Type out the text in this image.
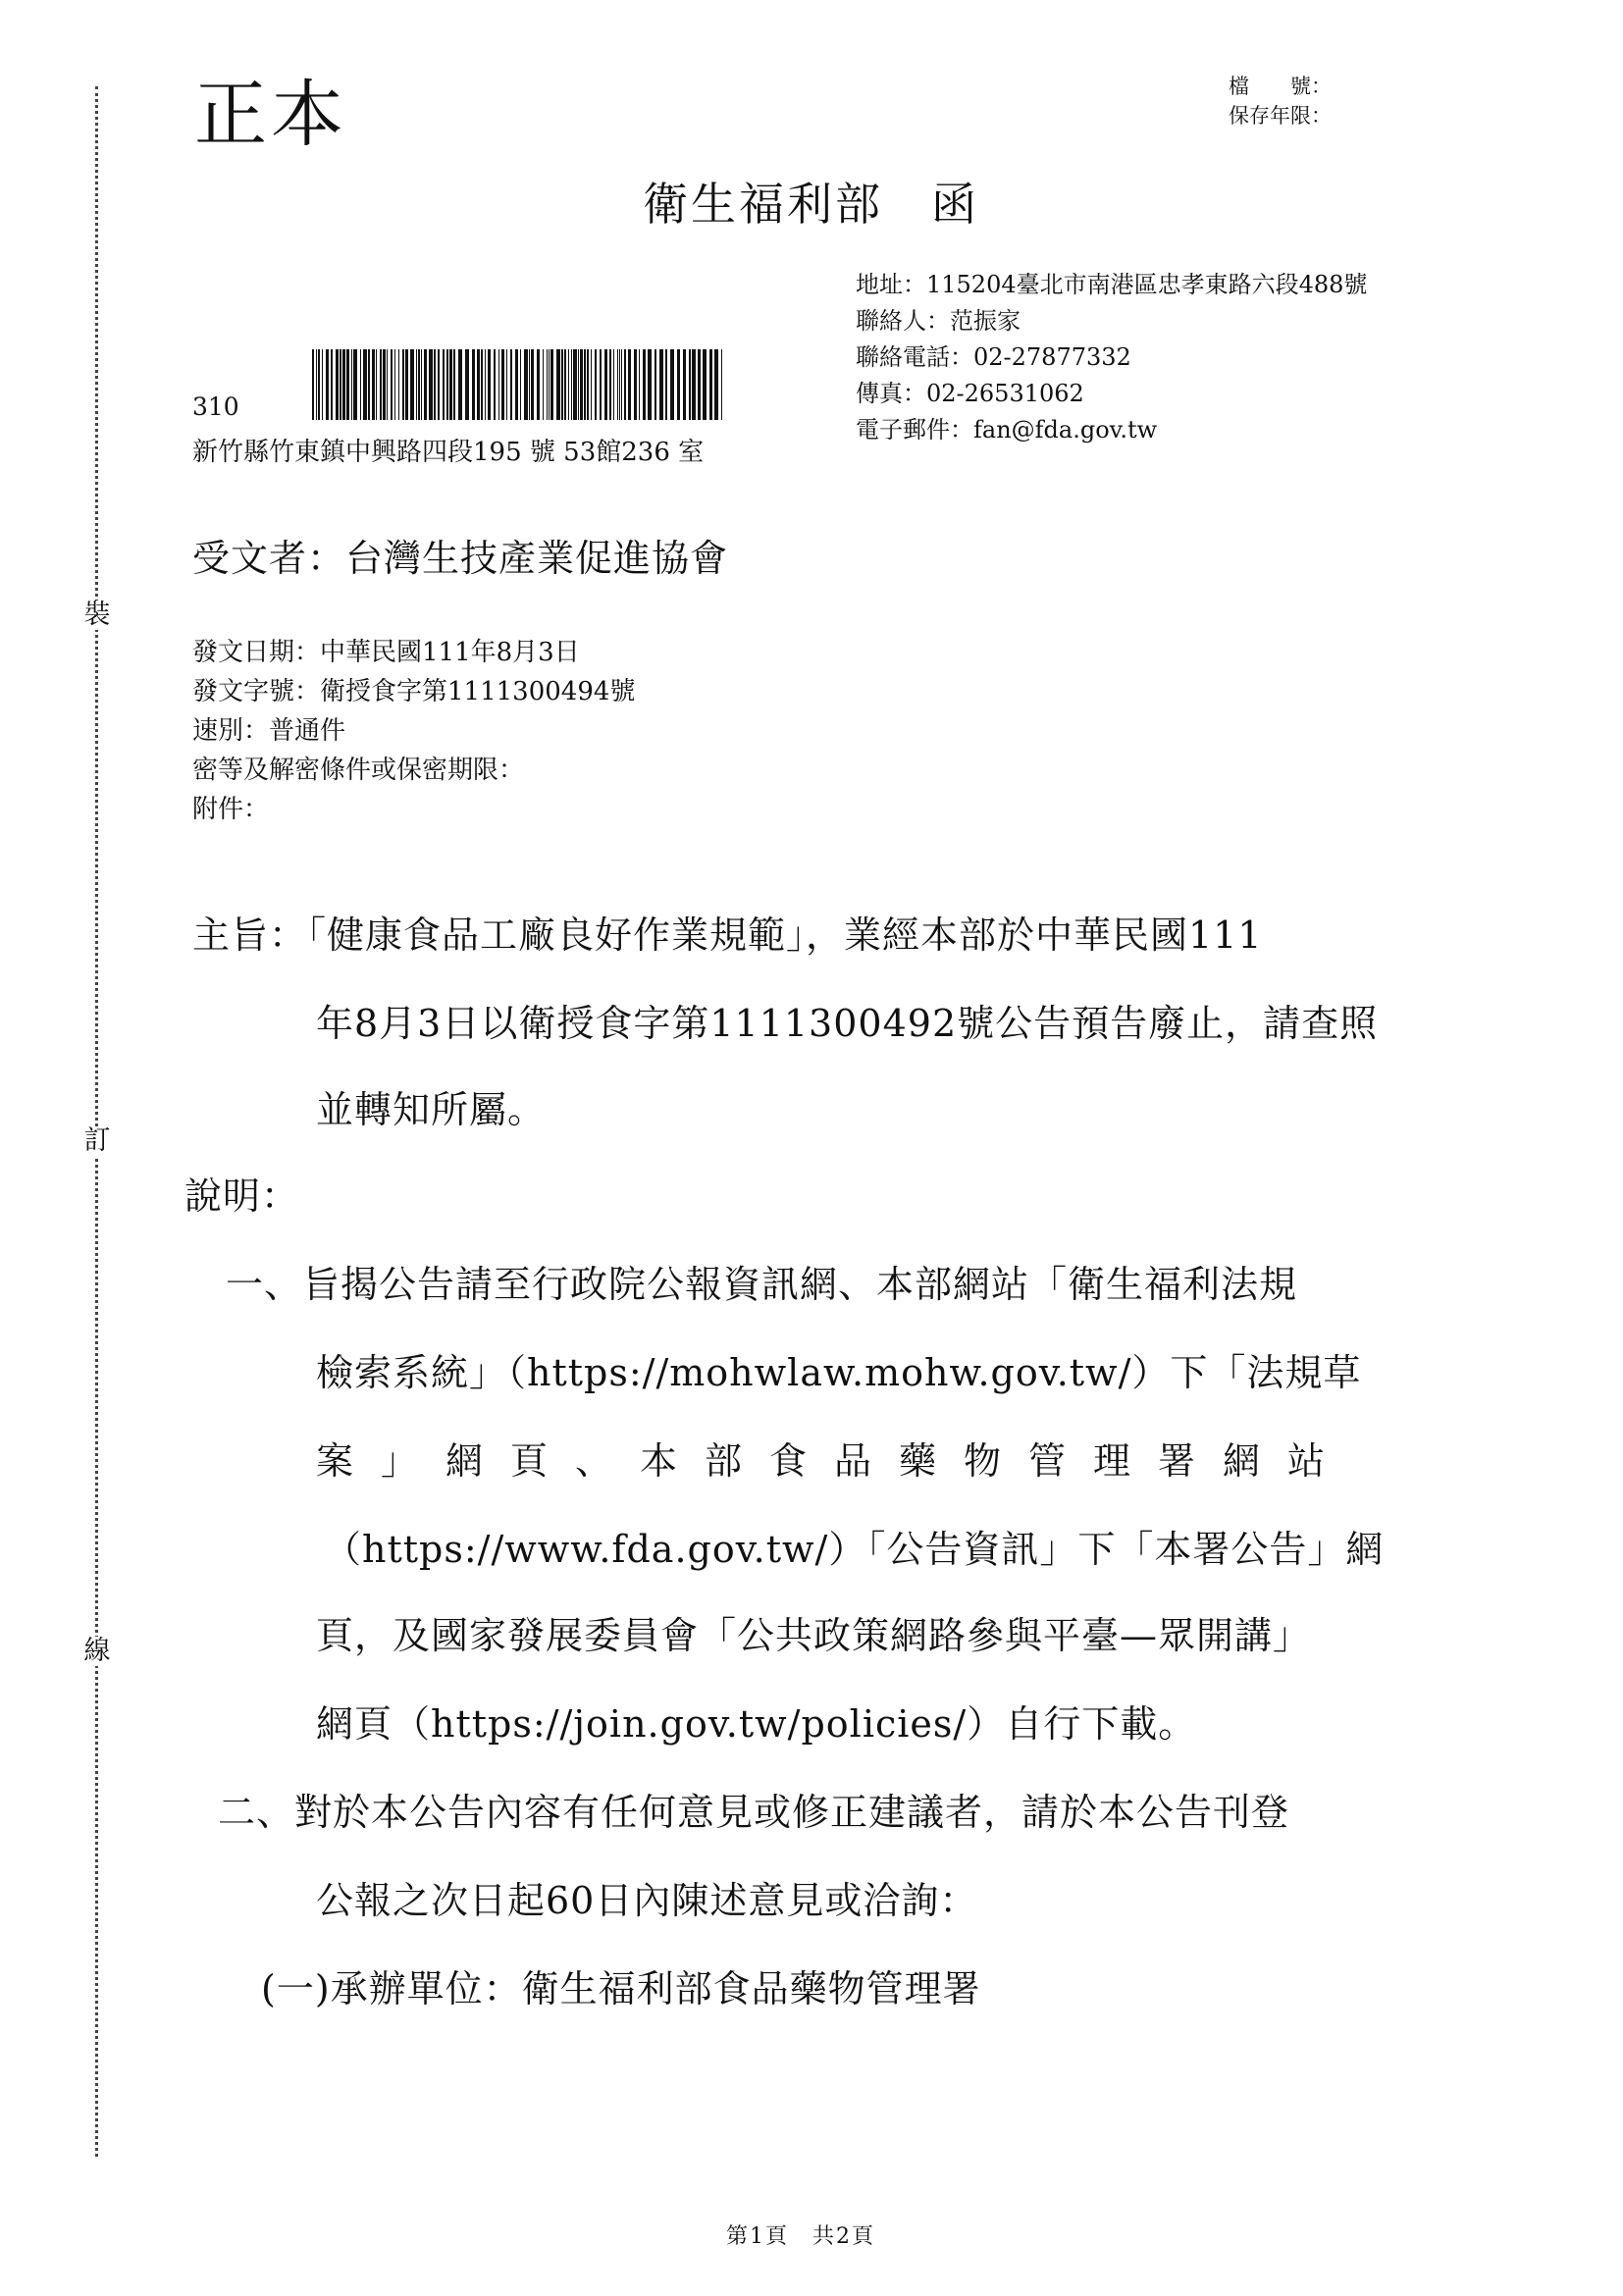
裝
訂
線
正本	檔　　號：
保存年限：
衛生福利部　函
地址：115204臺北市南港區忠孝東路六段488號
聯絡人：范振家
聯絡電話：02-27877332
傳真：02-26531062
電子郵件：fan@fda.gov.tw
310
新竹縣竹東鎮中興路四段195 號 53館236 室
受文者：台灣生技產業促進協會
發文日期：中華民國111年8月3日
發文字號：衛授食字第1111300494號
速別：普通件
密等及解密條件或保密期限：
附件：
主旨：「健康食品工廠良好作業規範」，業經本部於中華民國111
年8月3日以衛授食字第1111300492號公告預告廢止，請查照
並轉知所屬。
說明：
一、旨揭公告請至行政院公報資訊網、本部網站「衛生福利法規
檢索系統」（https://mohwlaw.mohw.gov.tw/）下「法規草
案」網頁、本部食品藥物管理署網站
（https://www.fda.gov.tw/）「公告資訊」下「本署公告」網
頁，及國家發展委員會「公共政策網路參與平臺—眾開講」
網頁（https://join.gov.tw/policies/）自行下載。
二、對於本公告內容有任何意見或修正建議者，請於本公告刊登
公報之次日起60日內陳述意見或洽詢：
(一)承辦單位：衛生福利部食品藥物管理署
第1頁　共2頁
